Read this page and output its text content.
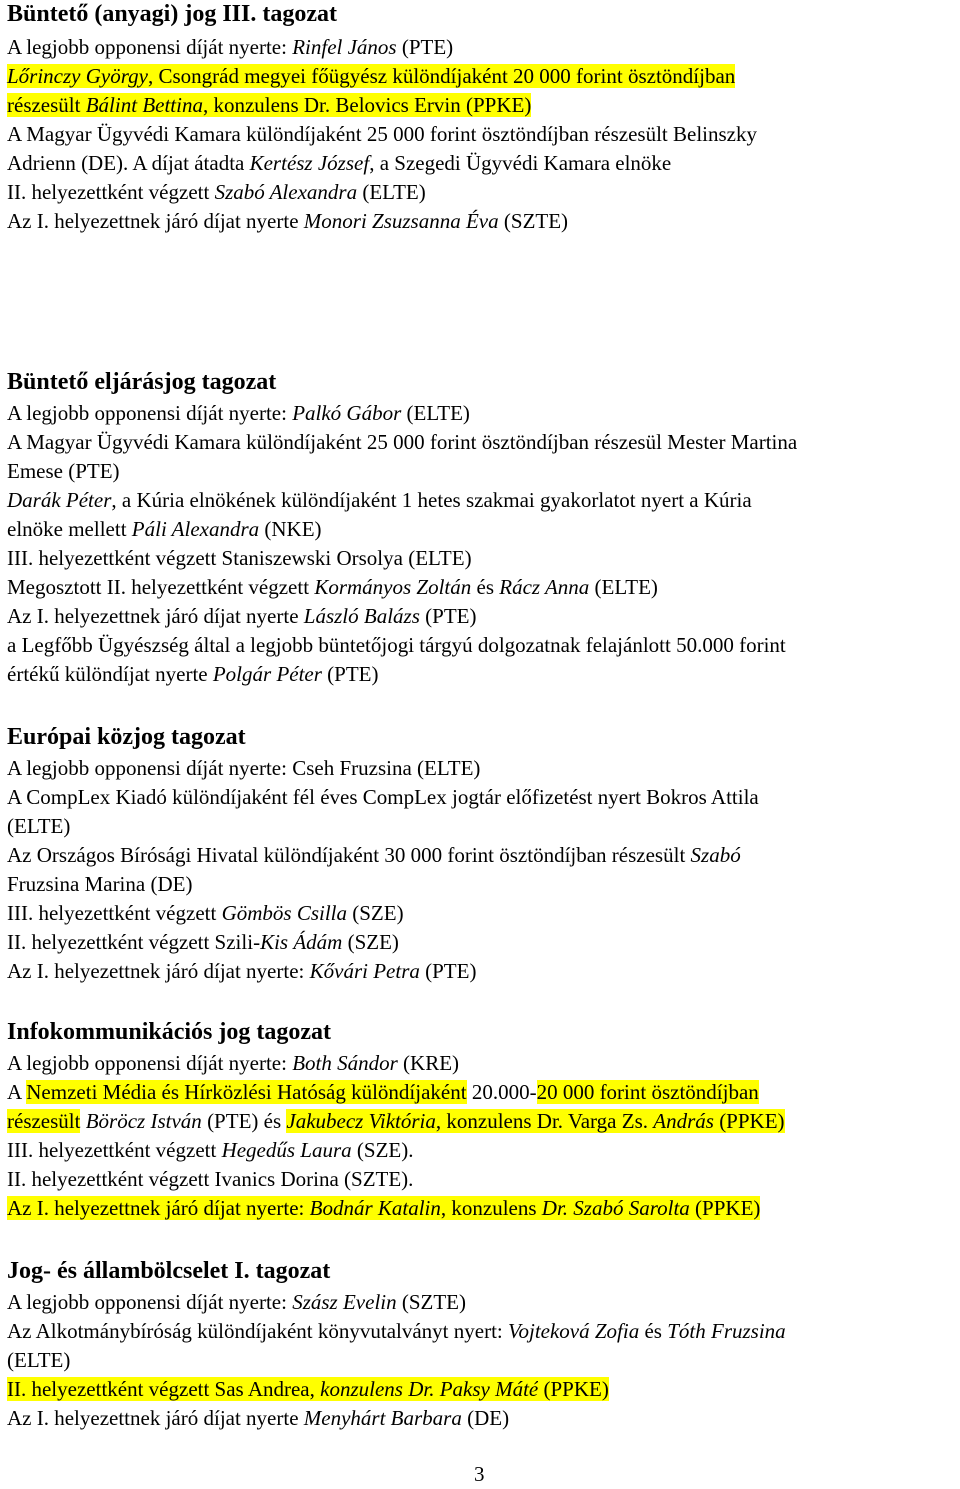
Büntető (anyagi) jog III. tagozat
A legjobb opponensi díját nyerte: Rinfel János (PTE)
Lőrinczy György, Csongrád megyei főügyész különdíjaként 20 000 forint ösztöndíjban
részesült Bálint Bettina, konzulens Dr. Belovics Ervin (PPKE)
A Magyar Ügyvédi Kamara különdíjaként 25 000 forint ösztöndíjban részesült Belinszky
Adrienn (DE). A díjat átadta Kertész József, a Szegedi Ügyvédi Kamara elnöke
II. helyezettként végzett Szabó Alexandra (ELTE)
Az I. helyezettnek járó díjat nyerte Monori Zsuzsanna Éva (SZTE)
Büntető eljárásjog tagozat
A legjobb opponensi díját nyerte: Palkó Gábor (ELTE)
A Magyar Ügyvédi Kamara különdíjaként 25 000 forint ösztöndíjban részesül Mester Martina
Emese (PTE)
Darák Péter, a Kúria elnökének különdíjaként 1 hetes szakmai gyakorlatot nyert a Kúria
elnöke mellett Páli Alexandra (NKE)
III. helyezettként végzett Staniszewski Orsolya (ELTE)
Megosztott II. helyezettként végzett Kormányos Zoltán és Rácz Anna (ELTE)
Az I. helyezettnek járó díjat nyerte László Balázs (PTE)
a Legfőbb Ügyészség által a legjobb büntetőjogi tárgyú dolgozatnak felajánlott 50.000 forint
értékű különdíjat nyerte Polgár Péter (PTE)
Európai közjog tagozat
A legjobb opponensi díját nyerte: Cseh Fruzsina (ELTE)
A CompLex Kiadó különdíjaként fél éves CompLex jogtár előfizetést nyert Bokros Attila
(ELTE)
Az Országos Bírósági Hivatal különdíjaként 30 000 forint ösztöndíjban részesült Szabó
Fruzsina Marina (DE)
III. helyezettként végzett Gömbös Csilla (SZE)
II. helyezettként végzett Szili-Kis Ádám (SZE)
Az I. helyezettnek járó díjat nyerte: Kővári Petra (PTE)
Infokommunikációs jog tagozat
A legjobb opponensi díját nyerte: Both Sándor (KRE)
A Nemzeti Média és Hírközlési Hatóság különdíjaként 20.000-20 000 forint ösztöndíjban
részesült Böröcz István (PTE) és Jakubecz Viktória, konzulens Dr. Varga Zs. András (PPKE)
III. helyezettként végzett Hegedűs Laura (SZE).
II. helyezettként végzett Ivanics Dorina (SZTE).
Az I. helyezettnek járó díjat nyerte: Bodnár Katalin, konzulens Dr. Szabó Sarolta (PPKE)
Jog- és állambölcselet I. tagozat
A legjobb opponensi díját nyerte: Szász Evelin (SZTE)
Az Alkotmánybíróság különdíjaként könyvutalványt nyert: Vojteková Zofia és Tóth Fruzsina
(ELTE)
II. helyezettként végzett Sas Andrea, konzulens Dr. Paksy Máté (PPKE)
Az I. helyezettnek járó díjat nyerte Menyhárt Barbara (DE)
3
